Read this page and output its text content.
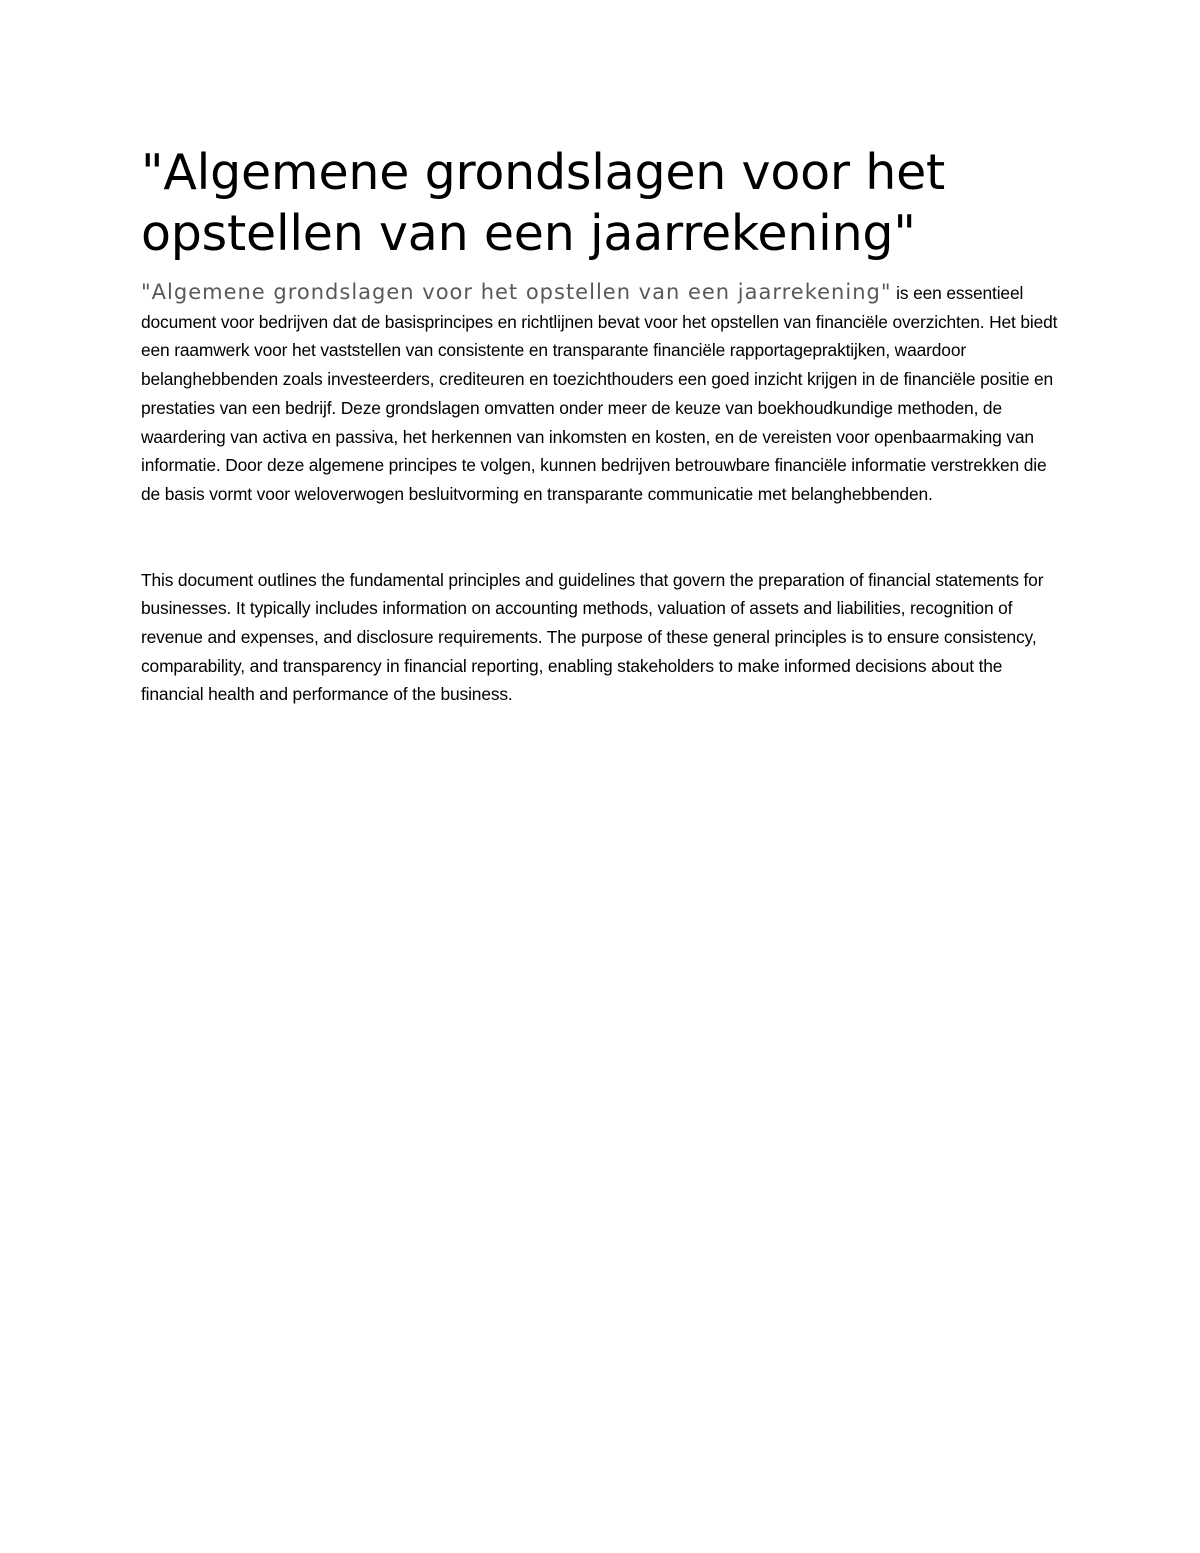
"Algemene grondslagen voor het opstellen van een jaarrekening"

"Algemene grondslagen voor het opstellen van een jaarrekening" is een essentieel document voor bedrijven dat de basisprincipes en richtlijnen bevat voor het opstellen van financiële overzichten. Het biedt een raamwerk voor het vaststellen van consistente en transparante financiële rapportagepraktijken, waardoor belanghebbenden zoals investeerders, crediteuren en toezichthouders een goed inzicht krijgen in de financiële positie en prestaties van een bedrijf. Deze grondslagen omvatten onder meer de keuze van boekhoudkundige methoden, de waardering van activa en passiva, het herkennen van inkomsten en kosten, en de vereisten voor openbaarmaking van informatie. Door deze algemene principes te volgen, kunnen bedrijven betrouwbare financiële informatie verstrekken die de basis vormt voor weloverwogen besluitvorming en transparante communicatie met belanghebbenden.

This document outlines the fundamental principles and guidelines that govern the preparation of financial statements for businesses. It typically includes information on accounting methods, valuation of assets and liabilities, recognition of revenue and expenses, and disclosure requirements. The purpose of these general principles is to ensure consistency, comparability, and transparency in financial reporting, enabling stakeholders to make informed decisions about the financial health and performance of the business.
